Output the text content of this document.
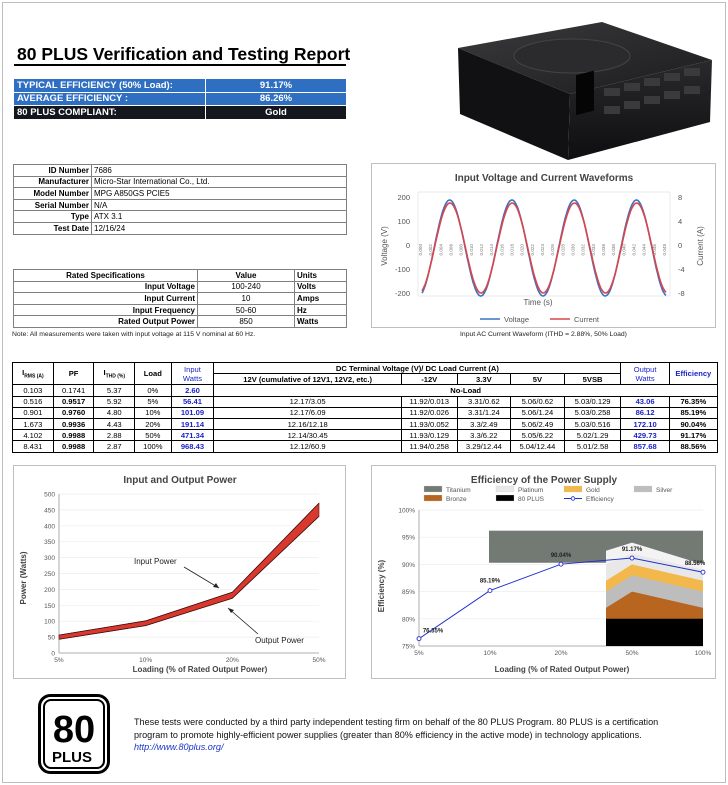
80 PLUS Verification and Testing Report
TYPICAL EFFICIENCY (50% Load):	91.17%
AVERAGE EFFICIENCY :	86.26%
80 PLUS COMPLIANT:	Gold
ID Number	7686
Manufacturer	Micro-Star International Co., Ltd.
Model Number	MPG A850GS PCIE5
Serial Number	N/A
Type	ATX 3.1
Test Date	12/16/24
Rated Specifications	Value	Units
Input Voltage	100-240	Volts
Input Current	10	Amps
Input Frequency	50-60	Hz
Rated Output Power	850	Watts
Note: All measurements were taken with input voltage at 115 V nominal at 60 Hz.
Input Voltage and Current Waveforms
Voltage (V)	Current (A)
Time (s)
200
100
0
-100
-200
8
4
0
-4
-8
0.000 0.002 0.004 0.006 0.008 0.010 0.012 0.014 0.016 0.018 0.020 0.022 0.024 0.026 0.028 0.030 0.032 0.034 0.036 0.038 0.040 0.042 0.044 0.046 0.048
Voltage	Current
Input AC Current Waveform (ITHD = 2.88%, 50% Load)
$I_{RMS (A)}$	PF	$I_{THD (\%)}$	Load	Input Watts	DC Terminal Voltage (V)/ DC Load Current (A)					Output Watts	Efficiency
					12V (cumulative of 12V1, 12V2, etc.)	-12V	3.3V	5V	5VSB		
0.103	0.1741	5.37	0%	2.60	No-Load						
0.516	0.9517	5.92	5%	56.41	12.17/3.05	11.92/0.013	3.31/0.62	5.06/0.62	5.03/0.129	43.06	76.35%
0.901	0.9760	4.80	10%	101.09	12.17/6.09	11.92/0.026	3.31/1.24	5.06/1.24	5.03/0.258	86.12	85.19%
1.673	0.9936	4.43	20%	191.14	12.16/12.18	11.93/0.052	3.3/2.49	5.06/2.49	5.03/0.516	172.10	90.04%
4.102	0.9988	2.88	50%	471.34	12.14/30.45	11.93/0.129	3.3/6.22	5.05/6.22	5.02/1.29	429.73	91.17%
8.431	0.9988	2.87	100%	968.43	12.12/60.9	11.94/0.258	3.29/12.44	5.04/12.44	5.01/2.58	857.68	88.56%
Input and Output Power
Power (Watts)
Loading (% of Rated Output Power)
0
50
100
150
200
250
300
350
400
450
500
5%	10%	20%	50%
Input Power
Output Power
Efficiency of the Power Supply
Efficiency (%)
Loading (% of Rated Output Power)
Titanium	Platinum	Gold	Silver
Bronze	80 PLUS	Efficiency
100%
95%
90%
85%
80%
75%
5%	10%	20%	50%	100%
76.35%
85.19%
90.04%
91.17%
88.56%
80
PLUS
These tests were conducted by a third party independent testing firm on behalf of the 80 PLUS Program. 80 PLUS is a certification program to promote highly-efficient power supplies (greater than 80% efficiency in the active mode) in technology applications.
http://www.80plus.org/
